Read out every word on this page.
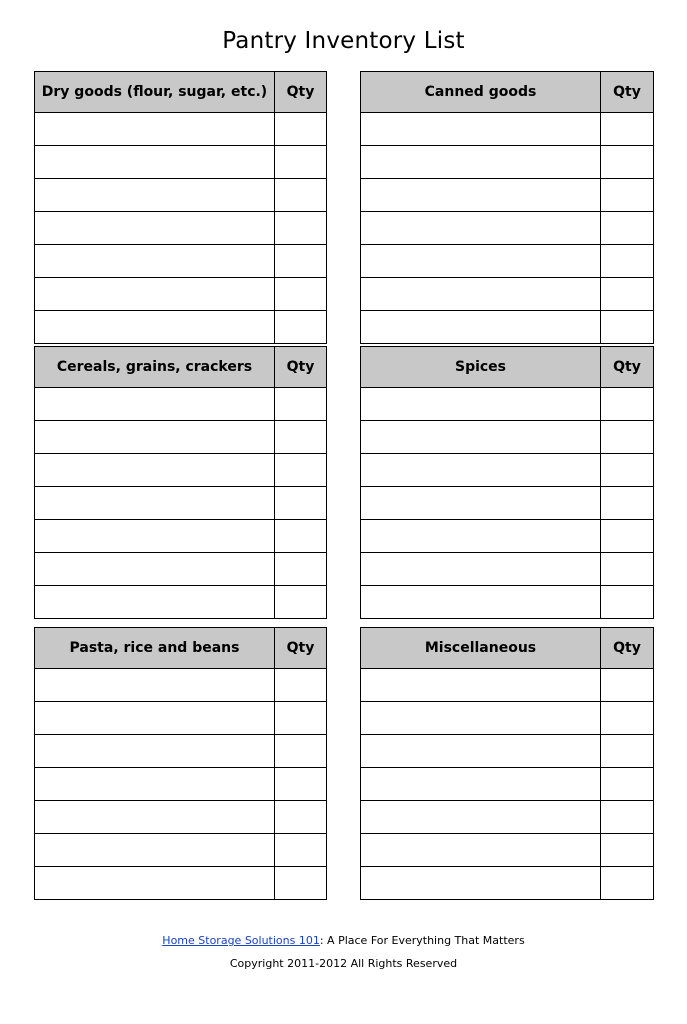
Pantry Inventory List
Dry goods (flour, sugar, etc.)	Qty

		Canned goods	Qty

Cereals, grains, crackers	Qty

		Spices	Qty

Pasta, rice and beans	Qty

		Miscellaneous	Qty

Home Storage Solutions 101: A Place For Everything That Matters
Copyright 2011-2012 All Rights Reserved
